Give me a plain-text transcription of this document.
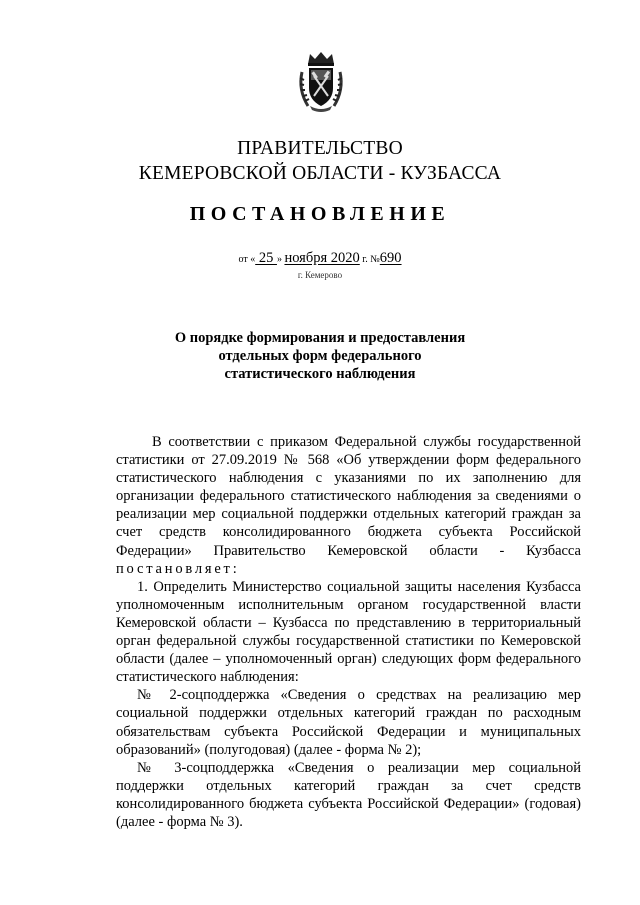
ПРАВИТЕЛЬСТВО
КЕМЕРОВСКОЙ ОБЛАСТИ - КУЗБАССА
ПОСТАНОВЛЕНИЕ
от « 25 » ноября 2020 г. №690
г. Кемерово
О порядке формирования и предоставления
отдельных форм федерального
статистического наблюдения

В соответствии с приказом Федеральной службы государственной статистики от 27.09.2019 № 568 «Об утверждении форм федерального статистического наблюдения с указаниями по их заполнению для организации федерального статистического наблюдения за сведениями о реализации мер социальной поддержки отдельных категорий граждан за счет средств консолидированного бюджета субъекта Российской Федерации» Правительство Кемеровской области - Кузбасса постановляет:

1. Определить Министерство социальной защиты населения Кузбасса уполномоченным исполнительным органом государственной власти Кемеровской области – Кузбасса по представлению в территориальный орган федеральной службы государственной статистики по Кемеровской области (далее – уполномоченный орган) следующих форм федерального статистического наблюдения:

№ 2-соцподдержка «Сведения о средствах на реализацию мер социальной поддержки отдельных категорий граждан по расходным обязательствам субъекта Российской Федерации и муниципальных образований» (полугодовая) (далее - форма № 2);

№ 3-соцподдержка «Сведения о реализации мер социальной поддержки отдельных категорий граждан за счет средств консолидированного бюджета субъекта Российской Федерации» (годовая) (далее - форма № 3).
